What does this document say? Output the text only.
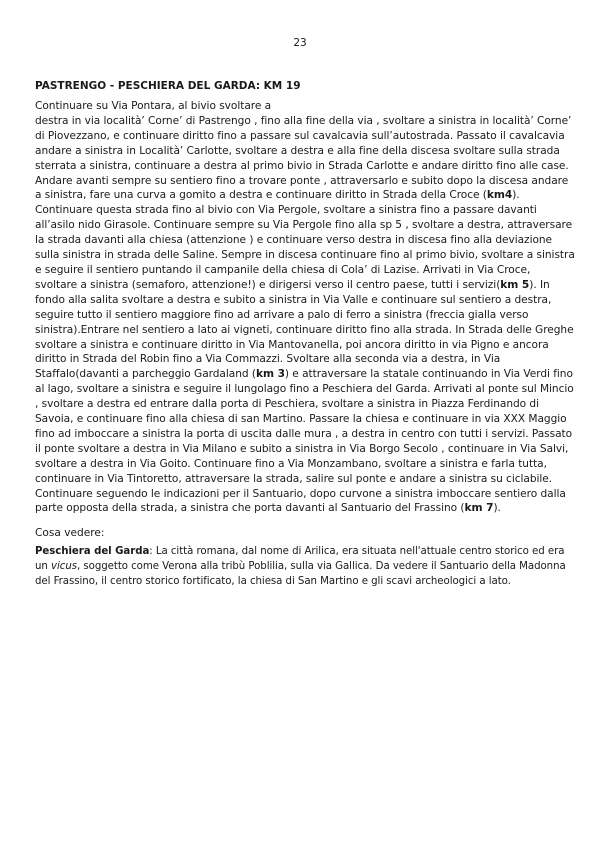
23
PASTRENGO - PESCHIERA DEL GARDA: KM 19

Continuare su Via Pontara, al bivio svoltare a
destra in via località’ Corne’ di Pastrengo , fino alla fine della via , svoltare a sinistra in località’ Corne’ di Piovezzano, e continuare diritto fino a passare sul cavalcavia sull’autostrada. Passato il cavalcavia andare a sinistra in Località’ Carlotte, svoltare a destra e alla fine della discesa svoltare sulla strada sterrata a sinistra, continuare a destra al primo bivio in Strada Carlotte e andare diritto fino alle case. Andare avanti sempre su sentiero fino a trovare ponte , attraversarlo e subito dopo la discesa andare a sinistra, fare una curva a gomito a destra e continuare diritto in Strada della Croce (km4). Continuare questa strada fino al bivio con Via Pergole, svoltare a sinistra fino a passare davanti all’asilo nido Girasole. Continuare sempre su Via Pergole fino alla sp 5 , svoltare a destra, attraversare la strada davanti alla chiesa (attenzione ) e continuare verso destra in discesa fino alla deviazione sulla sinistra in strada delle Saline. Sempre in discesa continuare fino al primo bivio, svoltare a sinistra e seguire il sentiero puntando il campanile della chiesa di Cola’ di Lazise. Arrivati in Via Croce, svoltare a sinistra (semaforo, attenzione!) e dirigersi verso il centro paese, tutti i servizi(km 5). In fondo alla salita svoltare a destra e subito a sinistra in Via Valle e continuare sul sentiero a destra, seguire tutto il sentiero maggiore fino ad arrivare a palo di ferro a sinistra (freccia gialla verso sinistra).Entrare nel sentiero a lato ai vigneti, continuare diritto fino alla strada. In Strada delle Greghe svoltare a sinistra e continuare diritto in Via Mantovanella, poi ancora diritto in via Pigno e ancora diritto in Strada del Robin fino a Via Commazzi. Svoltare alla seconda via a destra, in Via Staffalo(davanti a parcheggio Gardaland (km 3) e attraversare la statale continuando in Via Verdi fino al lago, svoltare a sinistra e seguire il lungolago fino a Peschiera del Garda. Arrivati al ponte sul Mincio , svoltare a destra ed entrare dalla porta di Peschiera, svoltare a sinistra in Piazza Ferdinando di Savoia, e continuare fino alla chiesa di san Martino. Passare la chiesa e continuare in via XXX Maggio fino ad imboccare a sinistra la porta di uscita dalle mura , a destra in centro con tutti i servizi. Passato il ponte svoltare a destra in Via Milano e subito a sinistra in Via Borgo Secolo , continuare in Via Salvi, svoltare a destra in Via Goito. Continuare fino a Via Monzambano, svoltare a sinistra e farla tutta, continuare in Via Tintoretto, attraversare la strada, salire sul ponte e andare a sinistra su ciclabile. Continuare seguendo le indicazioni per il Santuario, dopo curvone a sinistra imboccare sentiero dalla parte opposta della strada, a sinistra che porta davanti al Santuario del Frassino (km 7).

Cosa vedere:

Peschiera del Garda: La città romana, dal nome di Arilica, era situata nell'attuale centro storico ed era un vicus, soggetto come Verona alla tribù Poblilia, sulla via Gallica. Da vedere il Santuario della Madonna del Frassino, il centro storico fortificato, la chiesa di San Martino e gli scavi archeologici a lato.
